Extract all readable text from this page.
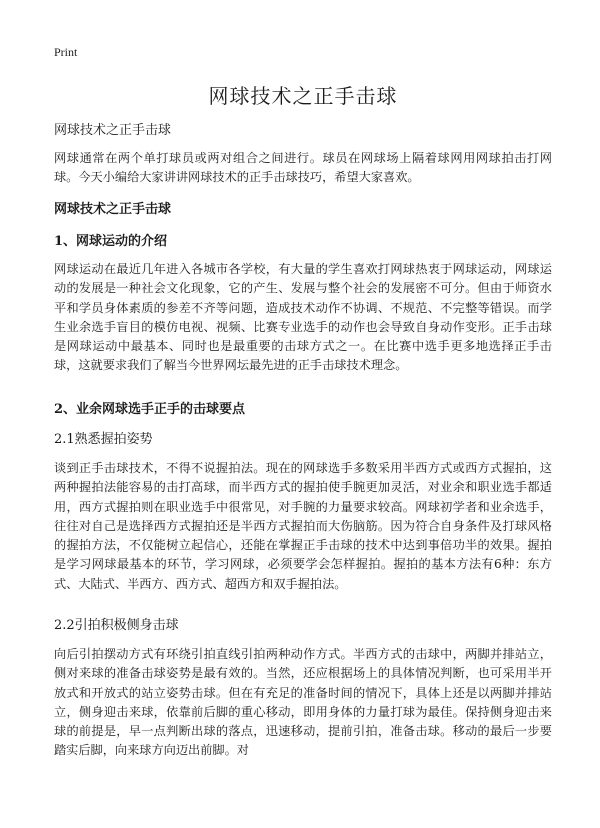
Print
网球技术之正手击球

网球技术之正手击球

网球通常在两个单打球员或两对组合之间进行。球员在网球场上隔着球网用网球拍击打网球。今天小编给大家讲讲网球技术的正手击球技巧，希望大家喜欢。

网球技术之正手击球

1、网球运动的介绍

网球运动在最近几年进入各城市各学校，有大量的学生喜欢打网球热衷于网球运动，网球运动的发展是一种社会文化现象，它的产生、发展与整个社会的发展密不可分。但由于师资水平和学员身体素质的参差不齐等问题，造成技术动作不协调、不规范、不完整等错误。而学生业余选手盲目的模仿电视、视频、比赛专业选手的动作也会导致自身动作变形。正手击球是网球运动中最基本、同时也是最重要的击球方式之一。在比赛中选手更多地选择正手击球，这就要求我们了解当今世界网坛最先进的正手击球技术理念。

2、业余网球选手正手的击球要点

2.1熟悉握拍姿势

谈到正手击球技术，不得不说握拍法。现在的网球选手多数采用半西方式或西方式握拍，这两种握拍法能容易的击打高球，而半西方式的握拍使手腕更加灵活，对业余和职业选手都适用，西方式握拍则在职业选手中很常见，对手腕的力量要求较高。网球初学者和业余选手，往往对自己是选择西方式握拍还是半西方式握拍而大伤脑筋。因为符合自身条件及打球风格的握拍方法，不仅能树立起信心，还能在掌握正手击球的技术中达到事倍功半的效果。握拍是学习网球最基本的环节，学习网球，必须要学会怎样握拍。握拍的基本方法有6种：东方式、大陆式、半西方、西方式、超西方和双手握拍法。

2.2引拍积极侧身击球

向后引拍摆动方式有环绕引拍直线引拍两种动作方式。半西方式的击球中，两脚并排站立，侧对来球的准备击球姿势是最有效的。当然，还应根据场上的具体情况判断，也可采用半开放式和开放式的站立姿势击球。但在有充足的准备时间的情况下，具体上还是以两脚并排站立，侧身迎击来球，依靠前后脚的重心移动，即用身体的力量打球为最佳。保持侧身迎击来球的前提是，早一点判断出球的落点，迅速移动，提前引拍，准备击球。移动的最后一步要踏实后脚，向来球方向迈出前脚。对
